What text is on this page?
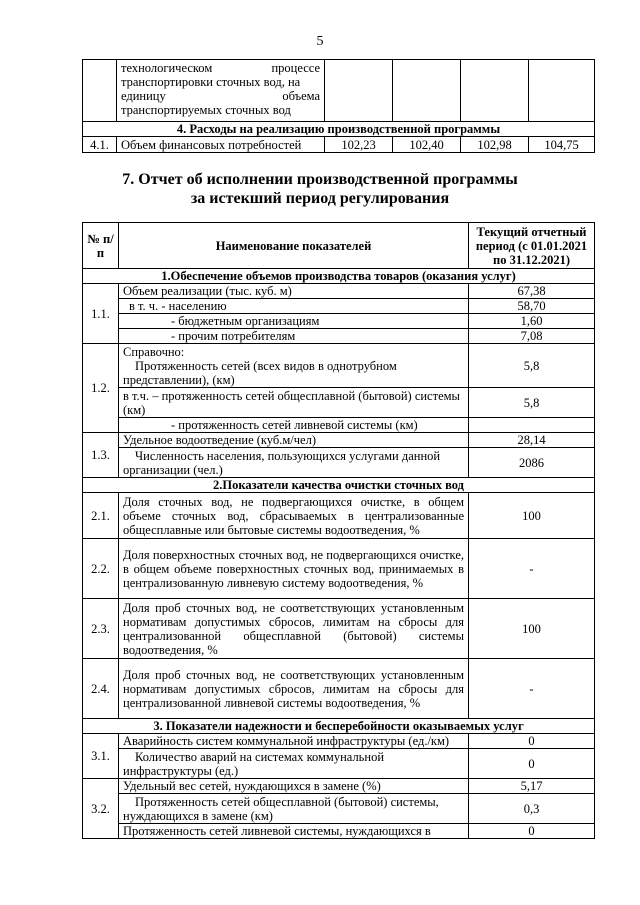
5

	технологическом процессе
транспортировки сточных вод, на
единицу объема
транспортируемых сточных вод				

4. Расходы на реализацию производственной программы					
4.1.	Объем финансовых потребностей	102,23	102,40	102,98	104,75
7. Отчет об исполнении производственной программы
за истекший период регулирования
№ п/п	Наименование показателей	Текущий отчетный период (с 01.01.2021 по 31.12.2021)
1.Обеспечение объемов производства товаров (оказания услуг)		
1.1.	Объем реализации (тыс. куб. м)	67,38
	в т. ч. - населению	58,70
	- бюджетным организациям	1,60
	- прочим потребителям	7,08
1.2.	Справочно:
Протяженность сетей (всех видов в однотрубном представлении), (км)	5,8
	в т.ч. – протяженность сетей общесплавной (бытовой) системы (км)	5,8
	- протяженность сетей ливневой системы (км)	
1.3.	Удельное водоотведение (куб.м/чел)	28,14
	Численность населения, пользующихся услугами данной организации (чел.)	2086
2.Показатели качества очистки сточных вод		
2.1.	Доля сточных вод, не подвергающихся очистке, в общем объеме сточных вод, сбрасываемых в централизованные общесплавные или бытовые системы водоотведения, %	100
2.2.	Доля поверхностных сточных вод, не подвергающихся очистке, в общем объеме поверхностных сточных вод, принимаемых в централизованную ливневую систему водоотведения, %	-
2.3.	Доля проб сточных вод, не соответствующих установленным нормативам допустимых сбросов, лимитам на сбросы для централизованной общесплавной (бытовой) системы водоотведения, %	100
2.4.	Доля проб сточных вод, не соответствующих установленным нормативам допустимых сбросов, лимитам на сбросы для централизованной ливневой системы водоотведения, %	-
3. Показатели надежности и бесперебойности оказываемых услуг		
3.1.	Аварийность систем коммунальной инфраструктуры (ед./км)	0
	Количество аварий на системах коммунальной инфраструктуры (ед.)	0
3.2.	Удельный вес сетей, нуждающихся в замене (%)	5,17
	Протяженность сетей общесплавной (бытовой) системы, нуждающихся в замене (км)	0,3
	Протяженность сетей ливневой системы, нуждающихся в	0
